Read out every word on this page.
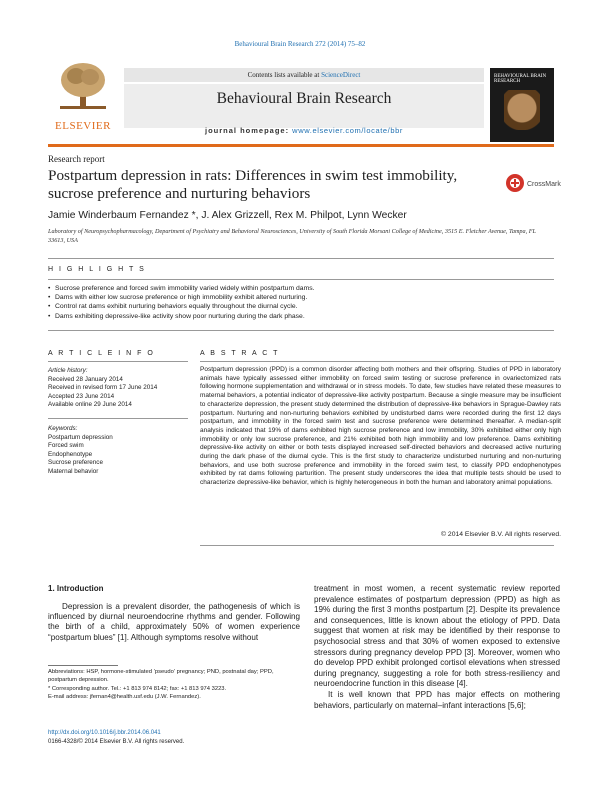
Behavioural Brain Research 272 (2014) 75–82
ELSEVIER
Contents lists available at ScienceDirect
Behavioural Brain Research
journal homepage: www.elsevier.com/locate/bbr
BEHAVIOURAL BRAIN RESEARCH
Research report
Postpartum depression in rats: Differences in swim test immobility, sucrose preference and nurturing behaviors	CrossMark
Jamie Winderbaum Fernandez *, J. Alex Grizzell, Rex M. Philpot, Lynn Wecker
Laboratory of Neuropsychopharmacology, Department of Psychiatry and Behavioral Neurosciences, University of South Florida Morsani College of Medicine, 3515 E. Fletcher Avenue, Tampa, FL 33613, USA
H I G H L I G H T S
• Sucrose preference and forced swim immobility varied widely within postpartum dams.
• Dams with either low sucrose preference or high immobility exhibit altered nurturing.
• Control rat dams exhibit nurturing behaviors equally throughout the diurnal cycle.
• Dams exhibiting depressive-like activity show poor nurturing during the dark phase.
A R T I C L E I N F O
Article history:
Received 28 January 2014
Received in revised form 17 June 2014
Accepted 23 June 2014
Available online 29 June 2014
Keywords:
Postpartum depression
Forced swim
Endophenotype
Sucrose preference
Maternal behavior
A B S T R A C T
Postpartum depression (PPD) is a common disorder affecting both mothers and their offspring. Studies of PPD in laboratory animals have typically assessed either immobility on forced swim testing or sucrose preference in ovariectomized rats following hormone supplementation and withdrawal or in stress models. To date, few studies have related these measures to maternal behaviors, a potential indicator of depressive-like activity postpartum. Because a single measure may be insufficient to characterize depression, the present study determined the distribution of depressive-like behaviors in Sprague-Dawley rats postpartum. Nurturing and non-nurturing behaviors exhibited by undisturbed dams were recorded during the first 12 days postpartum, and immobility in the forced swim test and sucrose preference were determined thereafter. A median-split analysis indicated that 19% of dams exhibited high sucrose preference and low immobility, 30% exhibited either only high immobility or only low sucrose preference, and 21% exhibited both high immobility and low preference. Dams exhibiting depressive-like activity on either or both tests displayed increased self-directed behaviors and decreased active nurturing during the dark phase of the diurnal cycle. This is the first study to characterize undisturbed nurturing and non-nurturing behaviors, and use both sucrose preference and immobility in the forced swim test, to classify PPD endophenotypes exhibited by rat dams following parturition. The present study underscores the idea that multiple tests should be used to characterize depressive-like behavior, which is highly heterogeneous in both the human and laboratory animal populations.
© 2014 Elsevier B.V. All rights reserved.
1. Introduction

Depression is a prevalent disorder, the pathogenesis of which is influenced by diurnal neuroendocrine rhythms and gender. Following the birth of a child, approximately 50% of women experience “postpartum blues” [1]. Although symptoms resolve without

treatment in most women, a recent systematic review reported prevalence estimates of postpartum depression (PPD) as high as 19% during the first 3 months postpartum [2]. Despite its prevalence and consequences, little is known about the etiology of PPD. Data suggest that women at risk may be identified by their response to psychosocial stress and that 30% of women exposed to extensive stressors during pregnancy develop PPD [3]. Moreover, women who do develop PPD exhibit prolonged cortisol elevations when stressed during pregnancy, suggesting a role for both stress-resiliency and neuroendocrine function in this disease [4].

It is well known that PPD has major effects on mothering behaviors, particularly on maternal–infant interactions [5,6];

Abbreviations: HSP, hormone-stimulated ‘pseudo’ pregnancy; PND, postnatal day; PPD, postpartum depression.

* Corresponding author. Tel.: +1 813 974 8142; fax: +1 813 974 3223.

E-mail address: jfernan4@health.usf.edu (J.W. Fernandez).

http://dx.doi.org/10.1016/j.bbr.2014.06.041
0166-4328/© 2014 Elsevier B.V. All rights reserved.
